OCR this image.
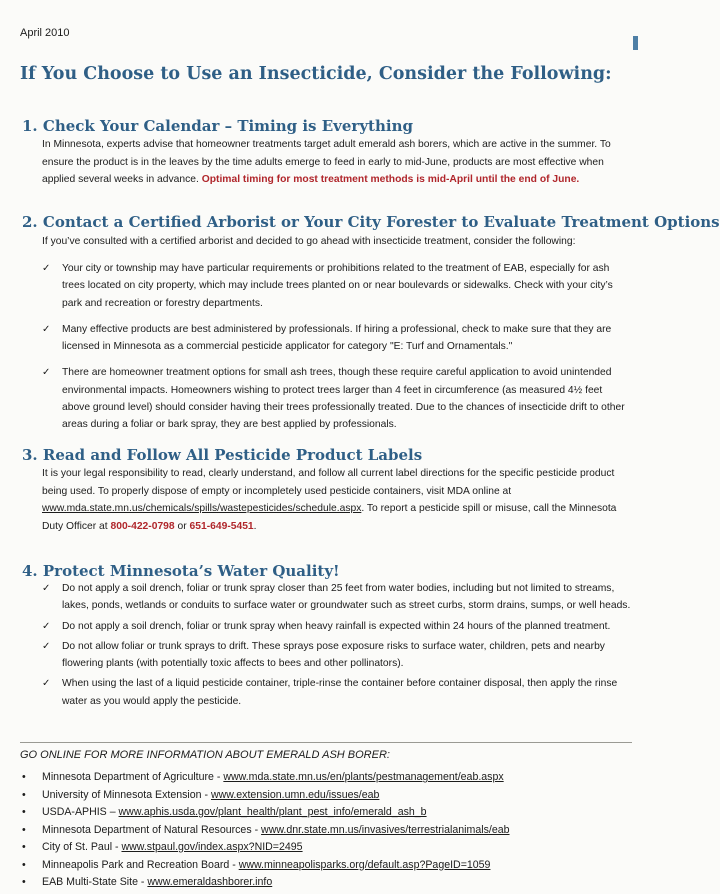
April 2010
If You Choose to Use an Insecticide, Consider the Following:
1. Check Your Calendar – Timing is Everything

In Minnesota, experts advise that homeowner treatments target adult emerald ash borers, which are active in the summer. To ensure the product is in the leaves by the time adults emerge to feed in early to mid-June, products are most effective when applied several weeks in advance. Optimal timing for most treatment methods is mid-April until the end of June.

2. Contact a Certified Arborist or Your City Forester to Evaluate Treatment Options

If you’ve consulted with a certified arborist and decided to go ahead with insecticide treatment, consider the following:

✓ Your city or township may have particular requirements or prohibitions related to the treatment of EAB, especially for ash trees located on city property, which may include trees planted on or near boulevards or sidewalks. Check with your city’s park and recreation or forestry departments.
✓ Many effective products are best administered by professionals. If hiring a professional, check to make sure that they are licensed in Minnesota as a commercial pesticide applicator for category "E: Turf and Ornamentals."
✓ There are homeowner treatment options for small ash trees, though these require careful application to avoid unintended environmental impacts. Homeowners wishing to protect trees larger than 4 feet in circumference (as measured 4½ feet above ground level) should consider having their trees professionally treated. Due to the chances of insecticide drift to other areas during a foliar or bark spray, they are best applied by professionals.
3. Read and Follow All Pesticide Product Labels

It is your legal responsibility to read, clearly understand, and follow all current label directions for the specific pesticide product being used. To properly dispose of empty or incompletely used pesticide containers, visit MDA online at www.mda.state.mn.us/chemicals/spills/wastepesticides/schedule.aspx. To report a pesticide spill or misuse, call the Minnesota Duty Officer at 800-422-0798 or 651-649-5451.

4. Protect Minnesota’s Water Quality!
✓ Do not apply a soil drench, foliar or trunk spray closer than 25 feet from water bodies, including but not limited to streams, lakes, ponds, wetlands or conduits to surface water or groundwater such as street curbs, storm drains, sumps, or well heads.
✓ Do not apply a soil drench, foliar or trunk spray when heavy rainfall is expected within 24 hours of the planned treatment.
✓ Do not allow foliar or trunk sprays to drift. These sprays pose exposure risks to surface water, children, pets and nearby flowering plants (with potentially toxic affects to bees and other pollinators).
✓ When using the last of a liquid pesticide container, triple-rinse the container before container disposal, then apply the rinse water as you would apply the pesticide.
GO ONLINE FOR MORE INFORMATION ABOUT EMERALD ASH BORER:
• Minnesota Department of Agriculture - www.mda.state.mn.us/en/plants/pestmanagement/eab.aspx
• University of Minnesota Extension - www.extension.umn.edu/issues/eab
• USDA-APHIS – www.aphis.usda.gov/plant_health/plant_pest_info/emerald_ash_b
• Minnesota Department of Natural Resources - www.dnr.state.mn.us/invasives/terrestrialanimals/eab
• City of St. Paul - www.stpaul.gov/index.aspx?NID=2495
• Minneapolis Park and Recreation Board - www.minneapolisparks.org/default.asp?PageID=1059
• EAB Multi-State Site - www.emeraldashborer.info
